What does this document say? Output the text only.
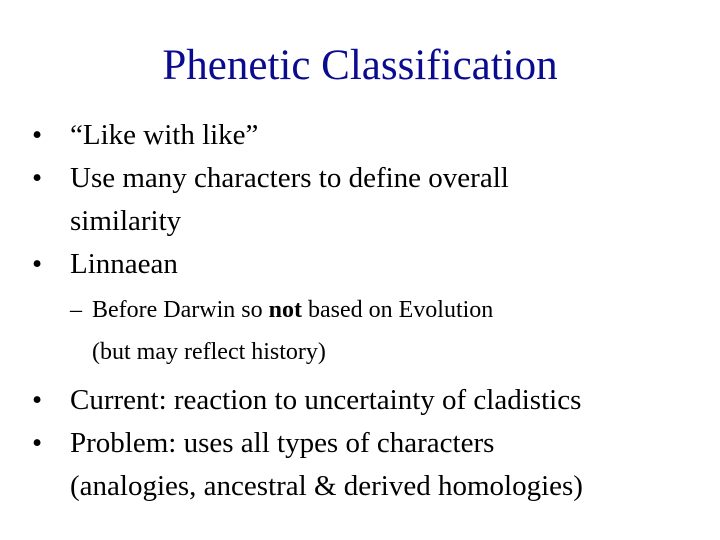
Phenetic Classification
• “Like with like”
• Use many characters to define overall
similarity
• Linnaean
– Before Darwin so not based on Evolution
(but may reflect history)
• Current: reaction to uncertainty of cladistics
• Problem: uses all types of characters
(analogies, ancestral & derived homologies)
